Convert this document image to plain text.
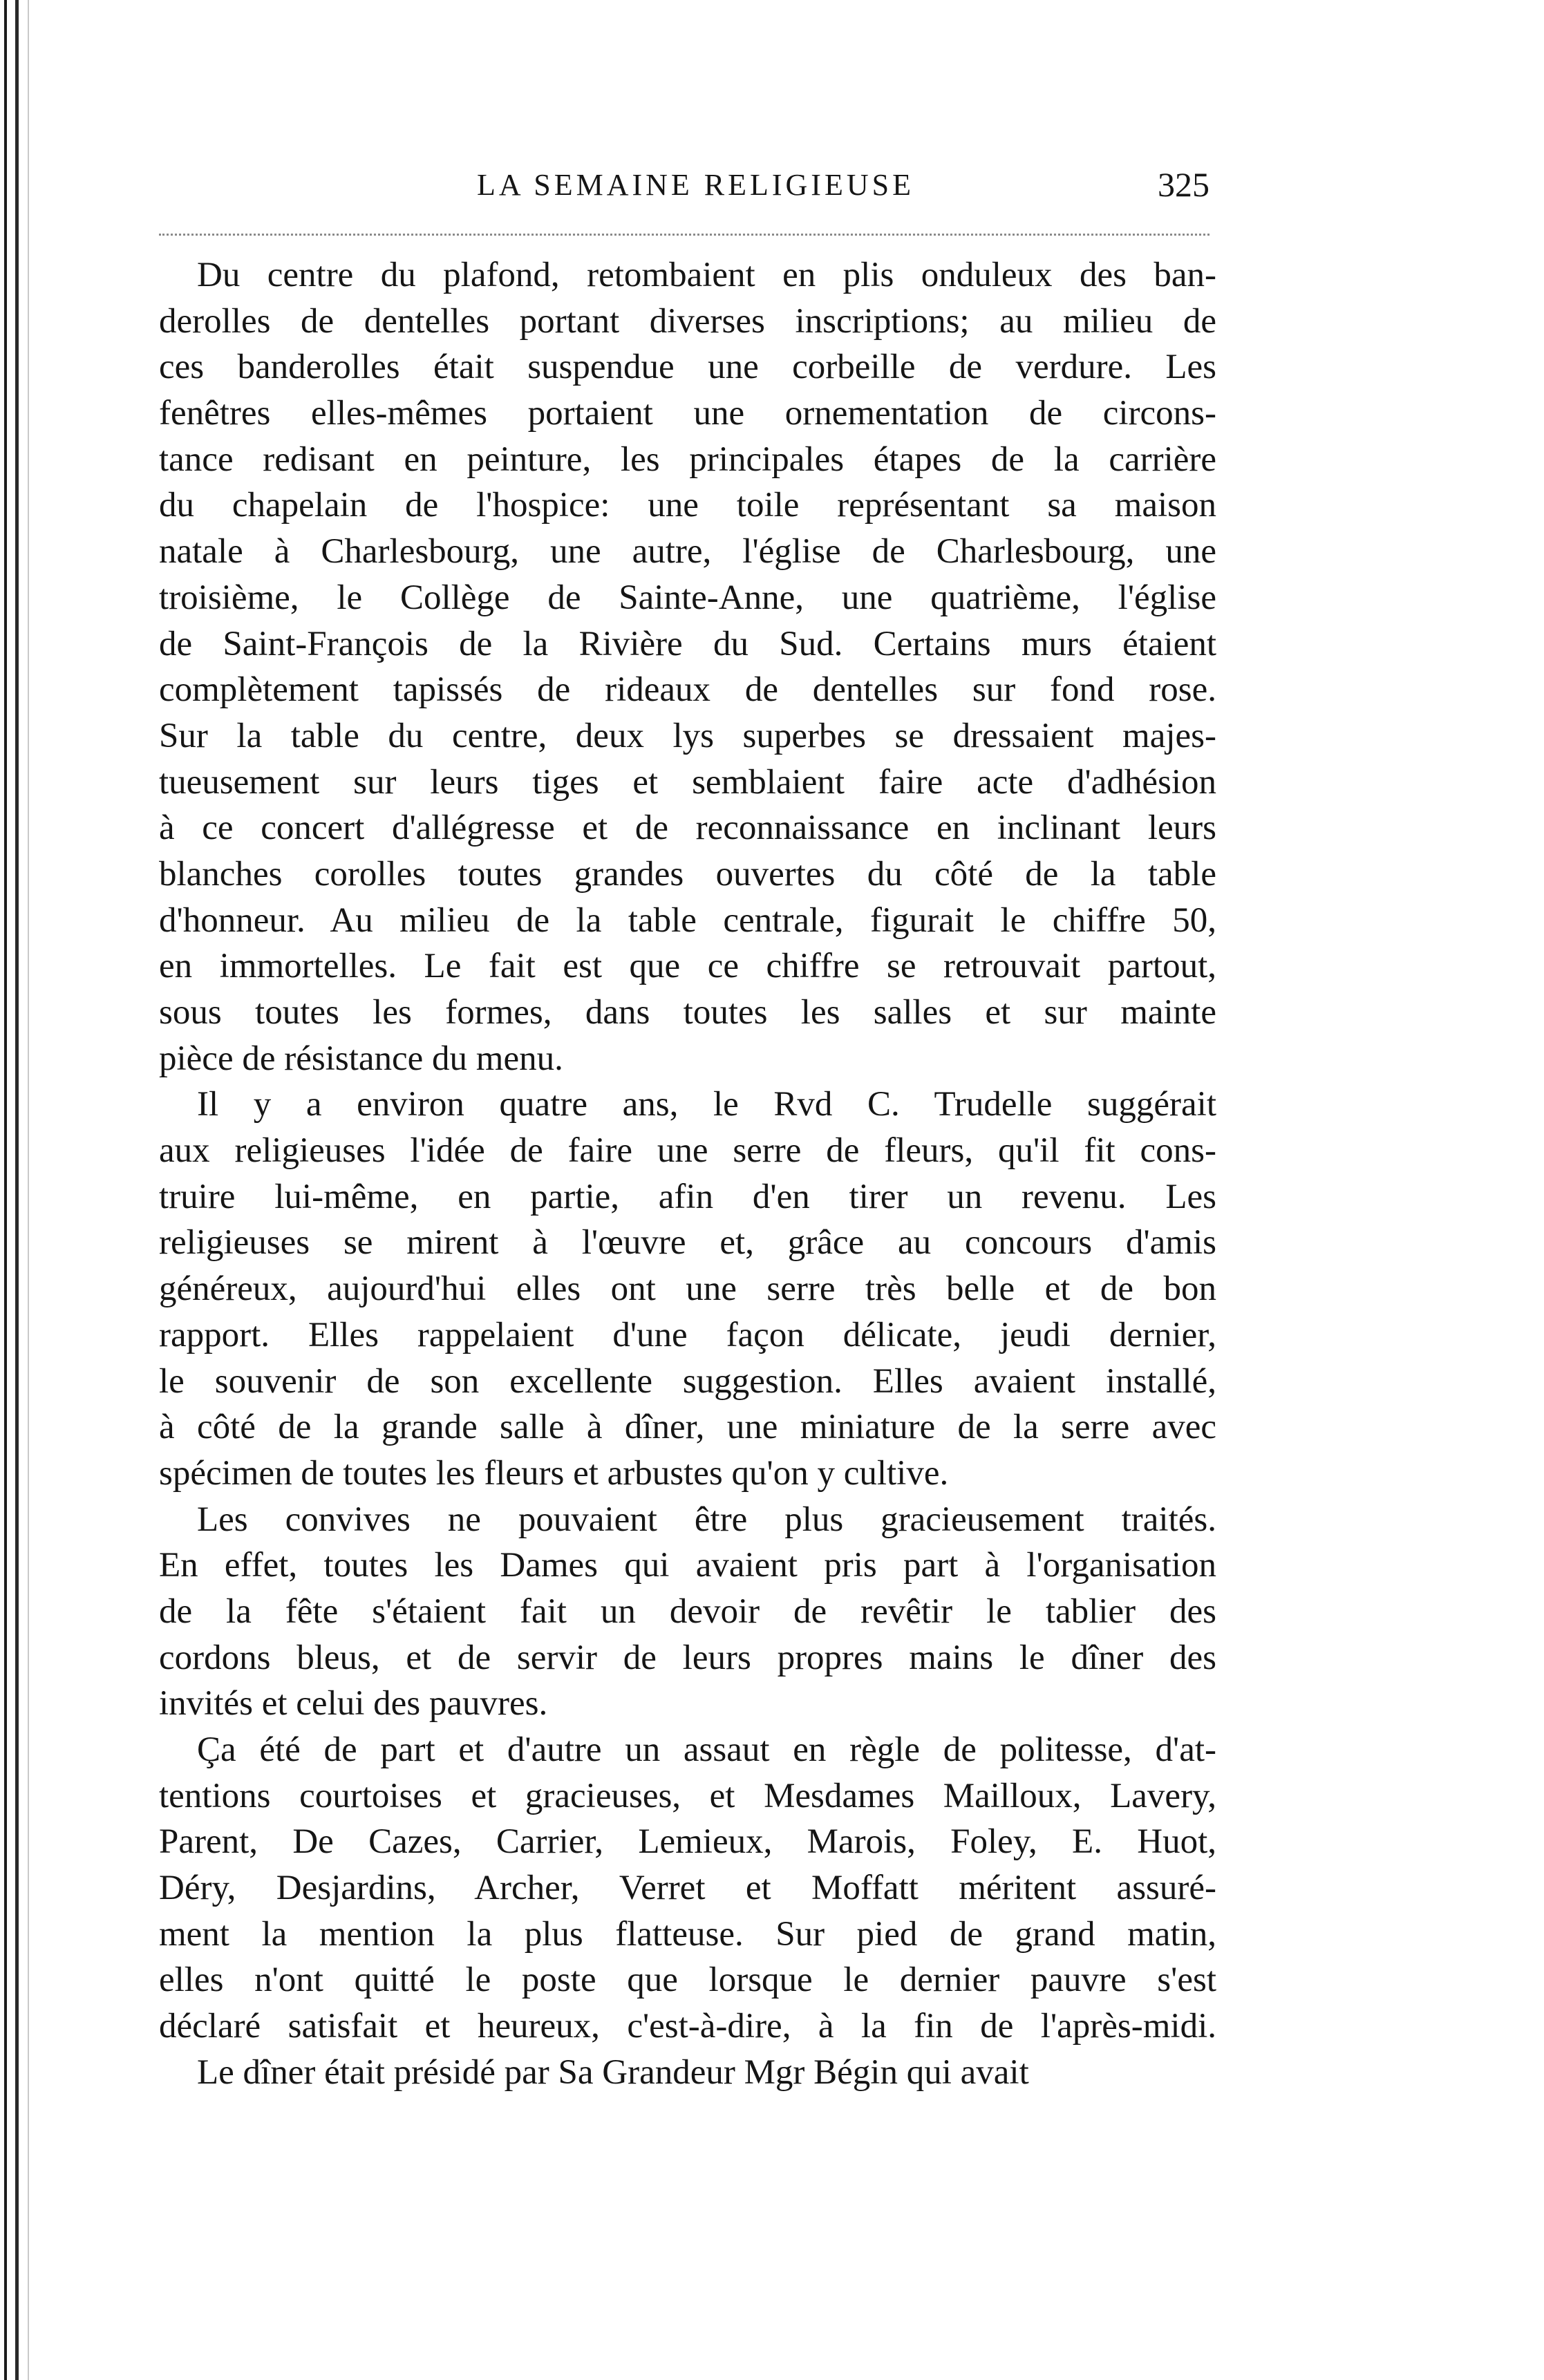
LA SEMAINE RELIGIEUSE	325
Du centre du plafond, retombaient en plis onduleux des ban-
derolles de dentelles portant diverses inscriptions; au milieu de
ces banderolles était suspendue une corbeille de verdure. Les
fenêtres elles-mêmes portaient une ornementation de circons-
tance redisant en peinture, les principales étapes de la carrière
du chapelain de l'hospice: une toile représentant sa maison
natale à Charlesbourg, une autre, l'église de Charlesbourg, une
troisième, le Collège de Sainte-Anne, une quatrième, l'église
de Saint-François de la Rivière du Sud. Certains murs étaient
complètement tapissés de rideaux de dentelles sur fond rose.
Sur la table du centre, deux lys superbes se dressaient majes-
tueusement sur leurs tiges et semblaient faire acte d'adhésion
à ce concert d'allégresse et de reconnaissance en inclinant leurs
blanches corolles toutes grandes ouvertes du côté de la table
d'honneur. Au milieu de la table centrale, figurait le chiffre 50,
en immortelles. Le fait est que ce chiffre se retrouvait partout,
sous toutes les formes, dans toutes les salles et sur mainte
pièce de résistance du menu.
Il y a environ quatre ans, le Rvd C. Trudelle suggérait
aux religieuses l'idée de faire une serre de fleurs, qu'il fit cons-
truire lui-même, en partie, afin d'en tirer un revenu. Les
religieuses se mirent à l'œuvre et, grâce au concours d'amis
généreux, aujourd'hui elles ont une serre très belle et de bon
rapport. Elles rappelaient d'une façon délicate, jeudi dernier,
le souvenir de son excellente suggestion. Elles avaient installé,
à côté de la grande salle à dîner, une miniature de la serre avec
spécimen de toutes les fleurs et arbustes qu'on y cultive.
Les convives ne pouvaient être plus gracieusement traités.
En effet, toutes les Dames qui avaient pris part à l'organisation
de la fête s'étaient fait un devoir de revêtir le tablier des
cordons bleus, et de servir de leurs propres mains le dîner des
invités et celui des pauvres.
Ça été de part et d'autre un assaut en règle de politesse, d'at-
tentions courtoises et gracieuses, et Mesdames Mailloux, Lavery,
Parent, De Cazes, Carrier, Lemieux, Marois, Foley, E. Huot,
Déry, Desjardins, Archer, Verret et Moffatt méritent assuré-
ment la mention la plus flatteuse. Sur pied de grand matin,
elles n'ont quitté le poste que lorsque le dernier pauvre s'est
déclaré satisfait et heureux, c'est-à-dire, à la fin de l'après-midi.
Le dîner était présidé par Sa Grandeur Mgr Bégin qui avait
